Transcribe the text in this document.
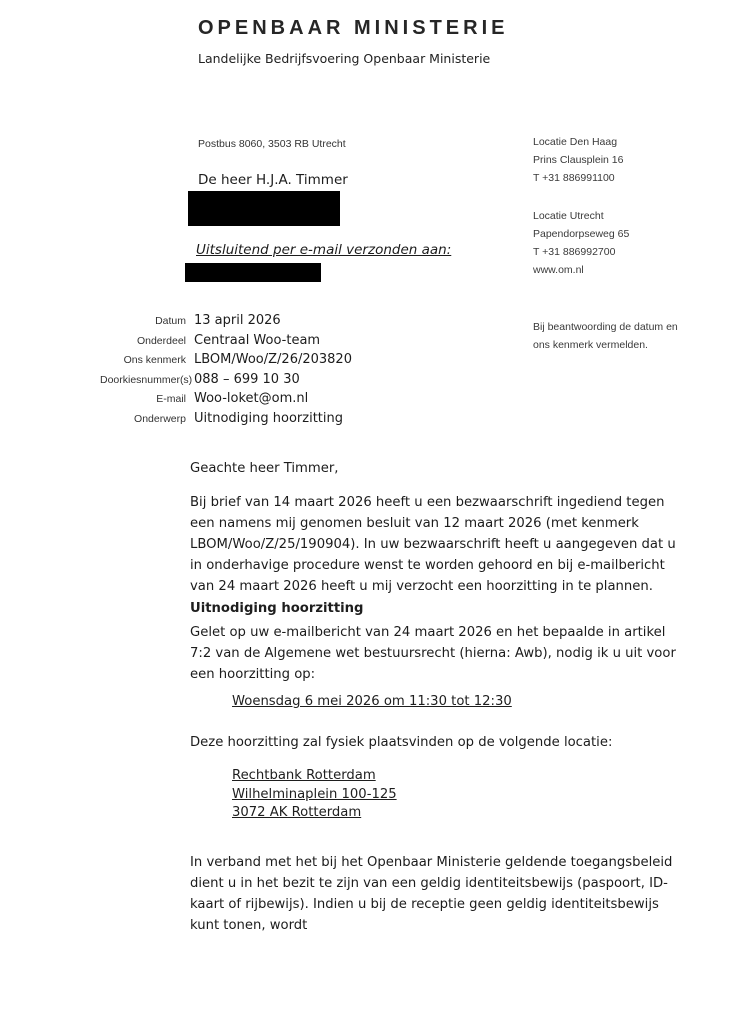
OPENBAAR MINISTERIE
Landelijke Bedrijfsvoering Openbaar Ministerie
Postbus 8060, 3503 RB Utrecht
De heer H.J.A. Timmer
Uitsluitend per e-mail verzonden aan:
Locatie Den Haag
Prins Clausplein 16
T +31 886991100
Locatie Utrecht
Papendorpseweg 65
T +31 886992700
www.om.nl
Datum 13 april 2026
Onderdeel Centraal Woo-team
Ons kenmerk LBOM/Woo/Z/26/203820
Doorkiesnummer(s) 088 – 699 10 30
E-mail Woo-loket@om.nl
Onderwerp Uitnodiging hoorzitting
Bij beantwoording de datum en
ons kenmerk vermelden.
Geachte heer Timmer,
Bij brief van 14 maart 2026 heeft u een bezwaarschrift ingediend tegen een namens mij genomen besluit van 12 maart 2026 (met kenmerk LBOM/Woo/Z/25/190904). In uw bezwaarschrift heeft u aangegeven dat u in onderhavige procedure wenst te worden gehoord en bij e-mailbericht van 24 maart 2026 heeft u mij verzocht een hoorzitting in te plannen.
Uitnodiging hoorzitting
Gelet op uw e-mailbericht van 24 maart 2026 en het bepaalde in artikel 7:2 van de Algemene wet bestuursrecht (hierna: Awb), nodig ik u uit voor een hoorzitting op:
Woensdag 6 mei 2026 om 11:30 tot 12:30
Deze hoorzitting zal fysiek plaatsvinden op de volgende locatie:
Rechtbank Rotterdam
Wilhelminaplein 100-125
3072 AK Rotterdam
In verband met het bij het Openbaar Ministerie geldende toegangsbeleid dient u in het bezit te zijn van een geldig identiteitsbewijs (paspoort, ID-kaart of rijbewijs). Indien u bij de receptie geen geldig identiteitsbewijs kunt tonen, wordt
